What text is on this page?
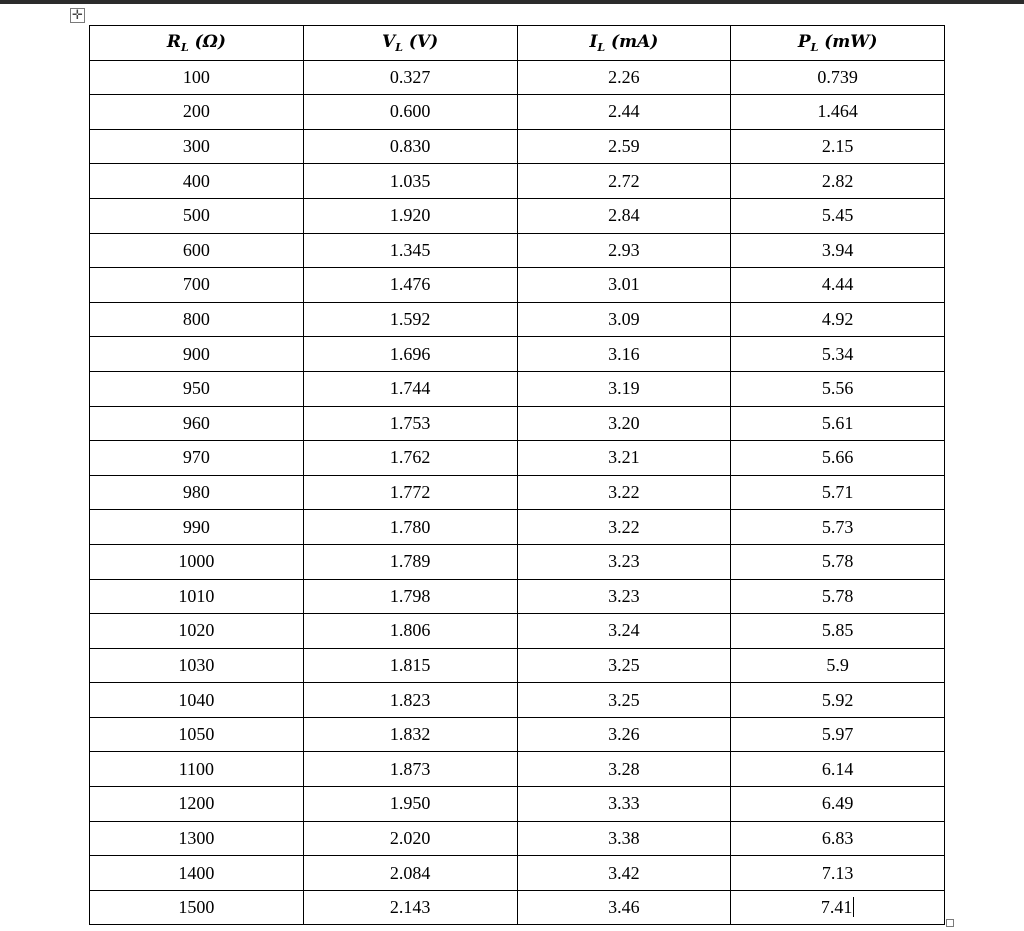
✛
$R_L$ (Ω)	$V_L$ (V)	$I_L$ (mA)	$P_L$ (mW)
100	0.327	2.26	0.739
200	0.600	2.44	1.464
300	0.830	2.59	2.15
400	1.035	2.72	2.82
500	1.920	2.84	5.45
600	1.345	2.93	3.94
700	1.476	3.01	4.44
800	1.592	3.09	4.92
900	1.696	3.16	5.34
950	1.744	3.19	5.56
960	1.753	3.20	5.61
970	1.762	3.21	5.66
980	1.772	3.22	5.71
990	1.780	3.22	5.73
1000	1.789	3.23	5.78
1010	1.798	3.23	5.78
1020	1.806	3.24	5.85
1030	1.815	3.25	5.9
1040	1.823	3.25	5.92
1050	1.832	3.26	5.97
1100	1.873	3.28	6.14
1200	1.950	3.33	6.49
1300	2.020	3.38	6.83
1400	2.084	3.42	7.13
1500	2.143	3.46	7.41
